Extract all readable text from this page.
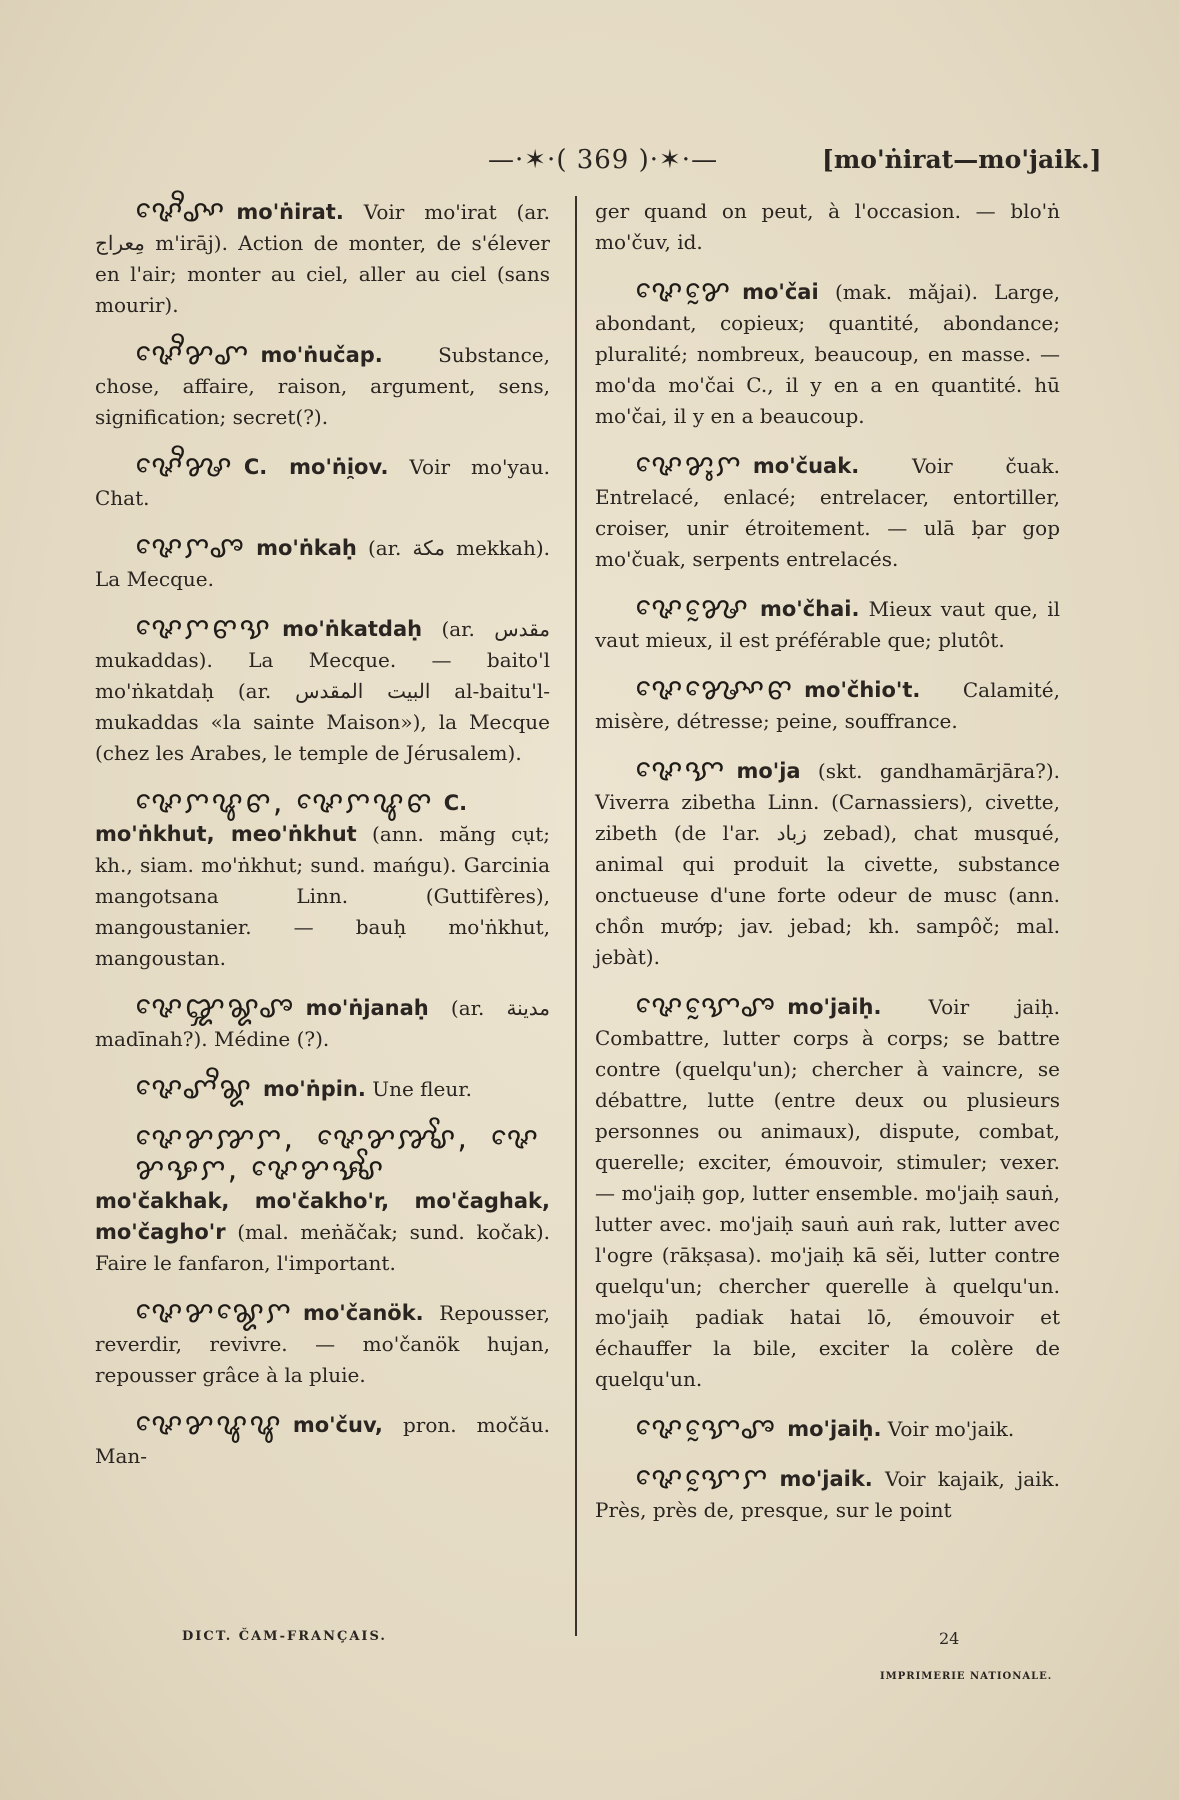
—·✶·( 369 )·✶·—	[mo'ṅirat—mo'jaik.]

ꨟꨯꨪꨣꨳ mo'ṅirat. Voir mo'irat (ar. مِعراج m'irāj). Action de monter, de s'élever en l'air; monter au ciel, aller au ciel (sans mourir).

ꨟꨯꨪꨌꨚ mo'ṅučap.	Substance, chose, affaire, raison, argument, sens, signification; secret(?).

ꨟꨯꨪꨍ C. mo'ṅi̯ov. Voir mo'yau. Chat.

ꨟꨯꨆꨨ mo'ṅkaḥ (ar. مكة mekkah). La Mecque.

ꨟꨯꨆꨓꨕ mo'ṅkatdaḥ (ar. مقدس mukaddas). La Mecque. — baito'l mo'ṅkatdaḥ (ar. البيت المقدس al-baitu'l-mukaddas «la sainte Maison»), la Mecque (chez les Arabes, le temple de Jérusalem).

ꨟꨯꨆꨥꨓ, ꨟꨯꨆꨥꨓ C. mo'ṅkhut, meo'ṅkhut (ann. măng cụt; kh., siam. mo'ṅkhut; sund. mańgu). Garcinia mangotsana Linn. (Guttifères), mangoustanier. — bauḥ mo'ṅkhut, mangoustan.

ꨟꨯꨒꨘꨨ mo'ṅjanaḥ (ar. مدينة madīnah?). Médine (?).

ꨟꨯꨚꨪꨘ mo'ṅpin. Une fleur.

ꨟꨯꨌꨇꨆ, ꨟꨯꨌꨇꨩꨣ, ꨟꨯꨌꨊꨆ, ꨟꨯꨌꨊꨩꨣmo'čakhak, mo'čakho'r, mo'čaghak, mo'čagho'r (mal. meṅăčak; sund. kočak). Faire le fanfaron, l'important.

ꨟꨯꨌꨘꨯꨆ mo'čanök. Repousser, reverdir, revivre. — mo'čanök hujan, repousser grâce à la pluie.

ꨟꨯꨌꨥꨥ mo'čuv, pron. močău. Man-

ger quand on peut, à l'occasion. — blo'ṅ mo'čuv, id.

ꨟꨯꨌꨰ mo'čai (mak. mǎjai). Large, abondant, copieux; quantité, abondance; pluralité; nombreux, beaucoup, en masse. — mo'da mo'čai C., il y en a en quantité. hū mo'čai, il y en a beaucoup.

ꨟꨯꨌꨶꨆ mo'čuak.	Voir čuak. Entrelacé, enlacé; entrelacer, entortiller, croiser, unir étroitement. — ulā ḅar gop mo'čuak, serpents entrelacés.

ꨟꨯꨍꨰ mo'čhai. Mieux vaut que, il vaut mieux, il est préférable que; plutôt.

ꨟꨯꨍꨳꨯꨓ mo'čhio't. Calamité, misère, détresse; peine, souffrance.

ꨟꨯꨎ mo'ja (skt. gandhamārjāra?). Viverra zibetha Linn. (Carnassiers), civette, zibeth (de l'ar. زباد zebad), chat musqué, animal qui produit la civette, substance onctueuse d'une forte odeur de musc (ann. chồn mướp; jav. jebad; kh. sampôč; mal. jebàt).

ꨟꨯꨎꨰꨨ mo'jaiḥ. Voir jaiḥ. Combattre, lutter corps à corps; se battre contre (quelqu'un); chercher à vaincre, se débattre, lutte (entre deux ou plusieurs personnes ou animaux), dispute, combat, querelle; exciter, émouvoir, stimuler; vexer. — mo'jaiḥ gop, lutter ensemble. mo'jaiḥ sauṅ, lutter avec. mo'jaiḥ sauṅ auṅ rak, lutter avec l'ogre (rākṣasa). mo'jaiḥ kā sĕi, lutter contre quelqu'un; chercher querelle à quelqu'un. mo'jaiḥ padiak hatai lō, émouvoir et échauffer la bile, exciter la colère de quelqu'un.

ꨟꨯꨎꨰꨨ mo'jaiḥ. Voir mo'jaik.

ꨟꨯꨎꨰꨆ mo'jaik. Voir kajaik, jaik. Près, près de, presque, sur le point

DICT. ČAM-FRANÇAIS.	24
IMPRIMERIE NATIONALE.
